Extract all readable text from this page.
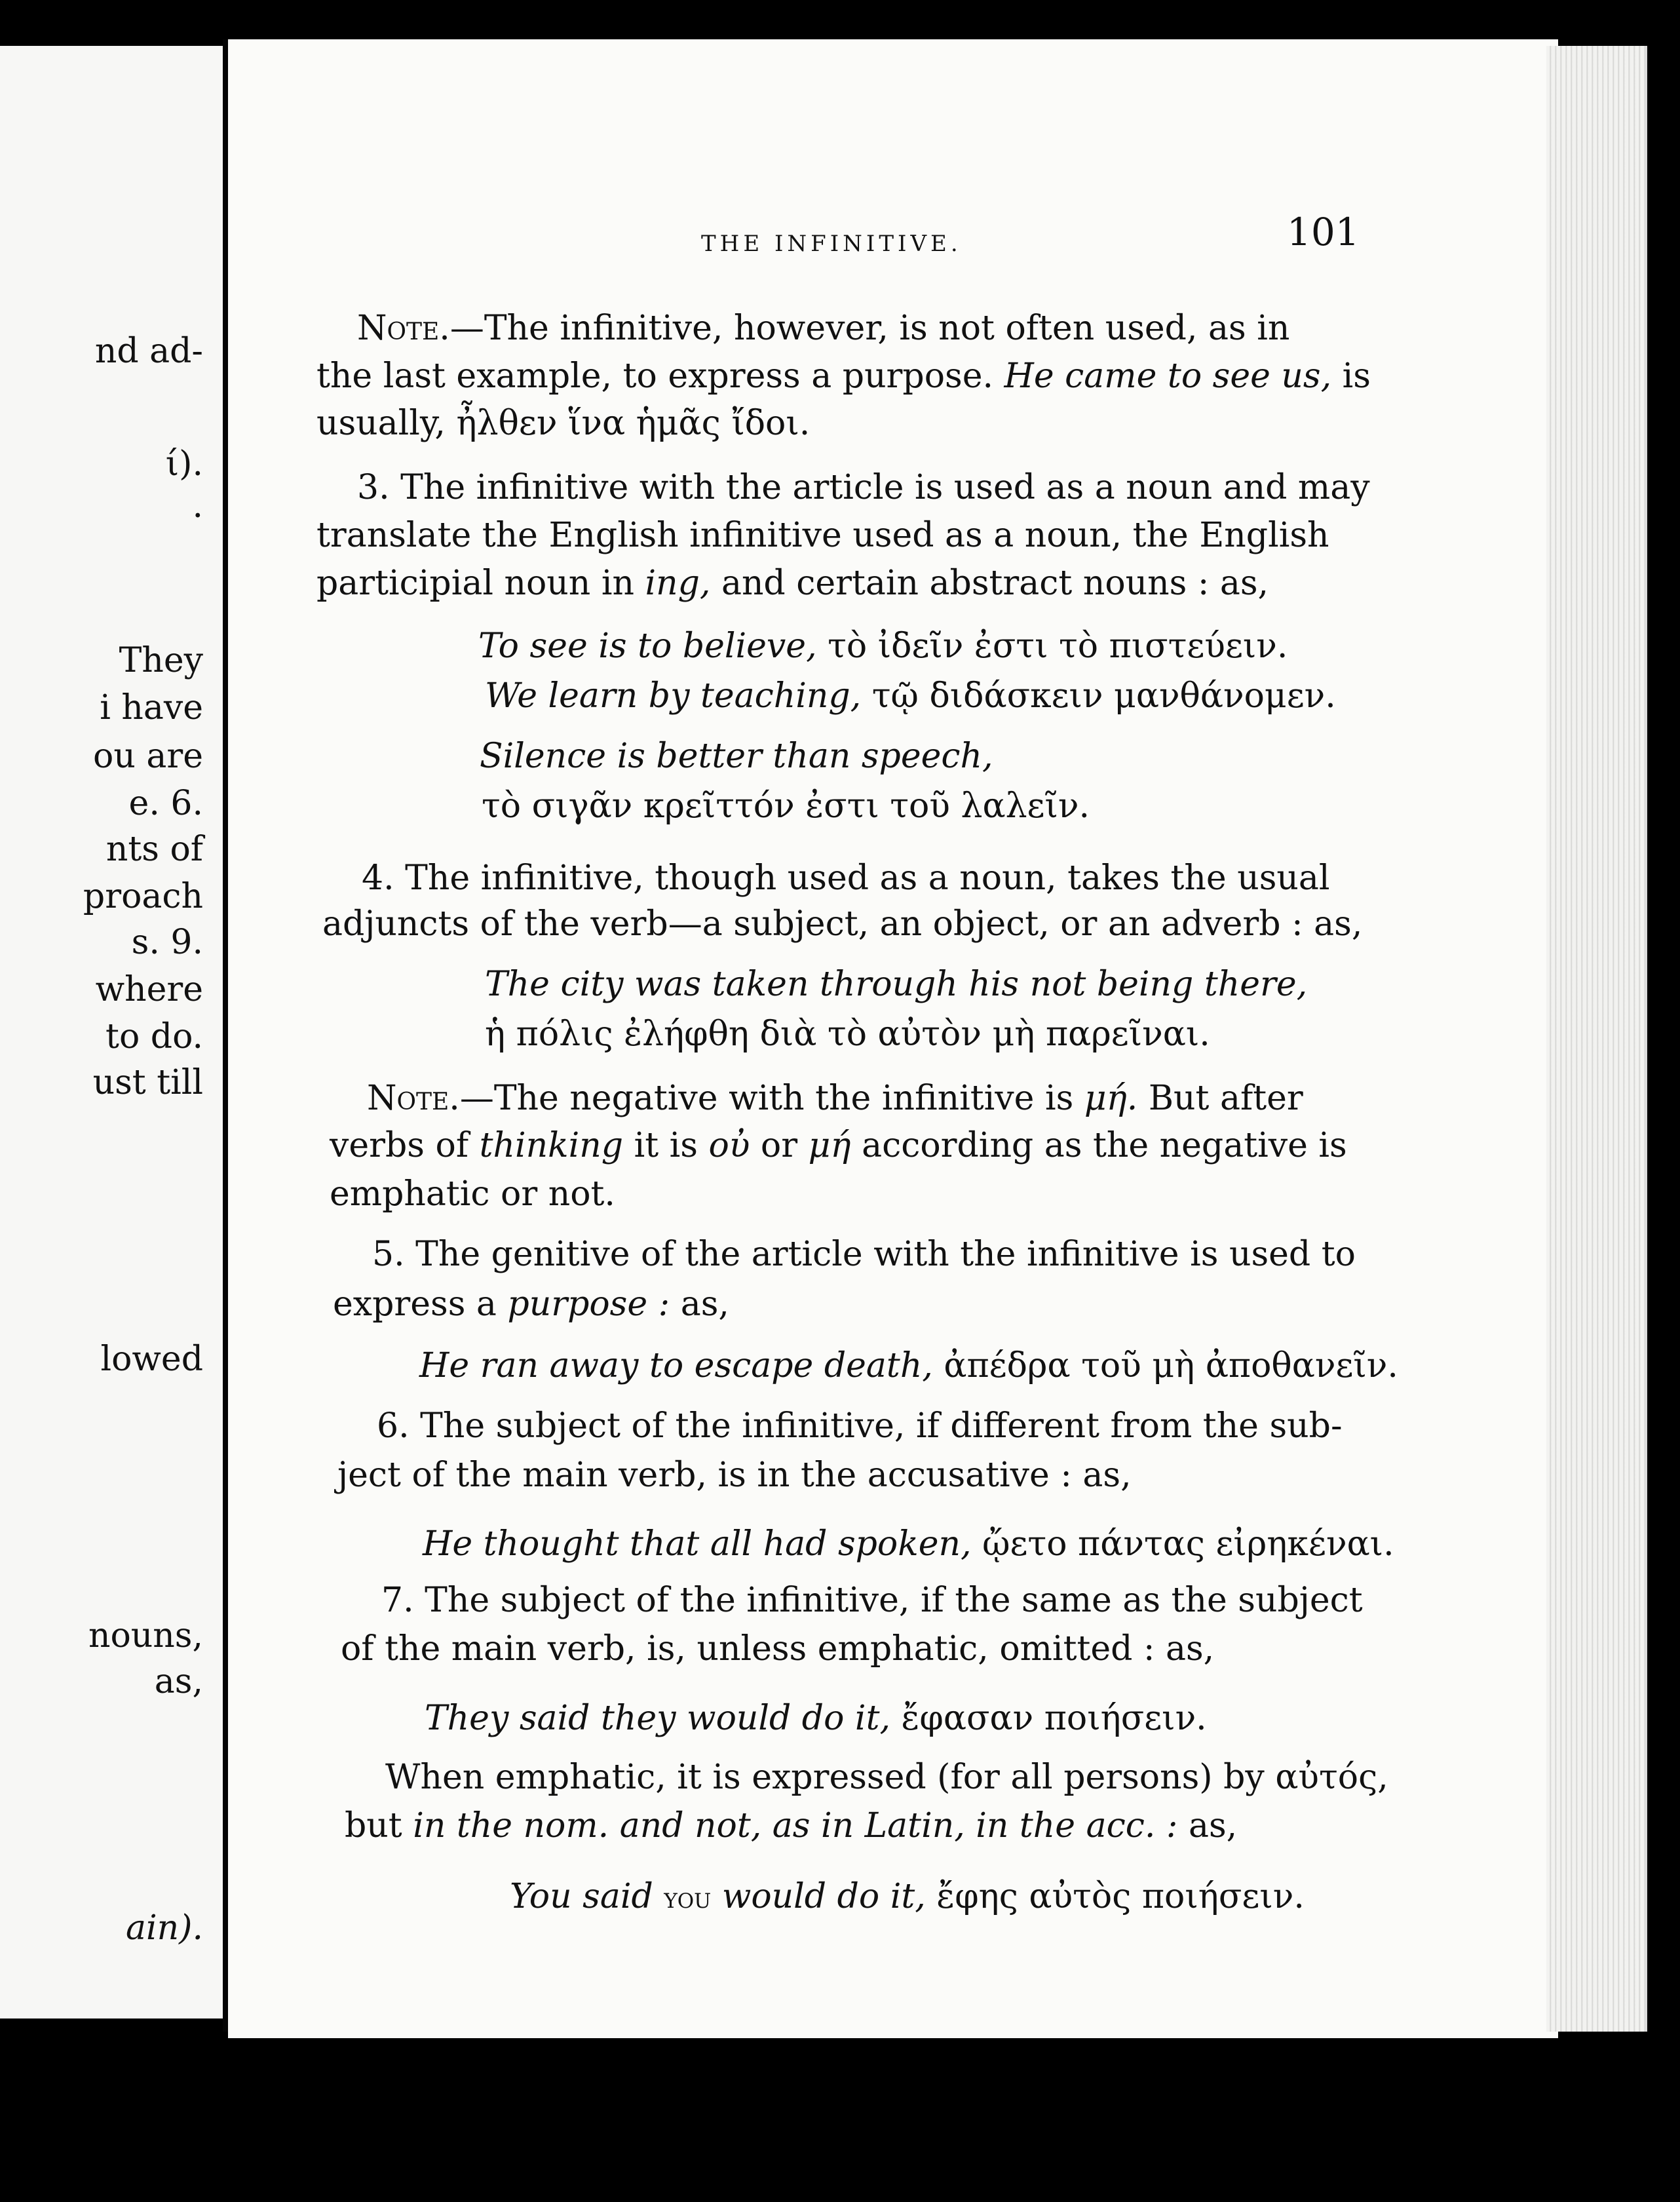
nd ad-
ί).
.
They
i have
ou are
e. 6.
nts of
proach
s. 9.
where
to do.
ust till
lowed
nouns,
as,
ain).
THE INFINITIVE.	101
Note.—The infinitive, however, is not often used, as in
the last example, to express a purpose. He came to see us, is
usually, ἦλθεν ἵνα ἡμᾶς ἴδοι.
3. The infinitive with the article is used as a noun and may
translate the English infinitive used as a noun, the English
participial noun in ing, and certain abstract nouns : as,
To see is to believe, τὸ ἰδεῖν ἐστι τὸ πιστεύειν.
We learn by teaching, τῷ διδάσκειν μανθάνομεν.
Silence is better than speech,
τὸ σιγᾶν κρεῖττόν ἐστι τοῦ λαλεῖν.
4. The infinitive, though used as a noun, takes the usual
adjuncts of the verb—a subject, an object, or an adverb : as,
The city was taken through his not being there,
ἡ πόλις ἐλήφθη διὰ τὸ αὐτὸν μὴ παρεῖναι.
Note.—The negative with the infinitive is μή. But after
verbs of thinking it is οὐ or μή according as the negative is
emphatic or not.
5. The genitive of the article with the infinitive is used to
express a purpose : as,
He ran away to escape death, ἀπέδρα τοῦ μὴ ἀποθανεῖν.
6. The subject of the infinitive, if different from the sub-
ject of the main verb, is in the accusative : as,
He thought that all had spoken, ᾤετο πάντας εἰρηκέναι.
7. The subject of the infinitive, if the same as the subject
of the main verb, is, unless emphatic, omitted : as,
They said they would do it, ἔφασαν ποιήσειν.
When emphatic, it is expressed (for all persons) by αὐτός,
but in the nom. and not, as in Latin, in the acc. : as,
You said you would do it, ἔφης αὐτὸς ποιήσειν.
